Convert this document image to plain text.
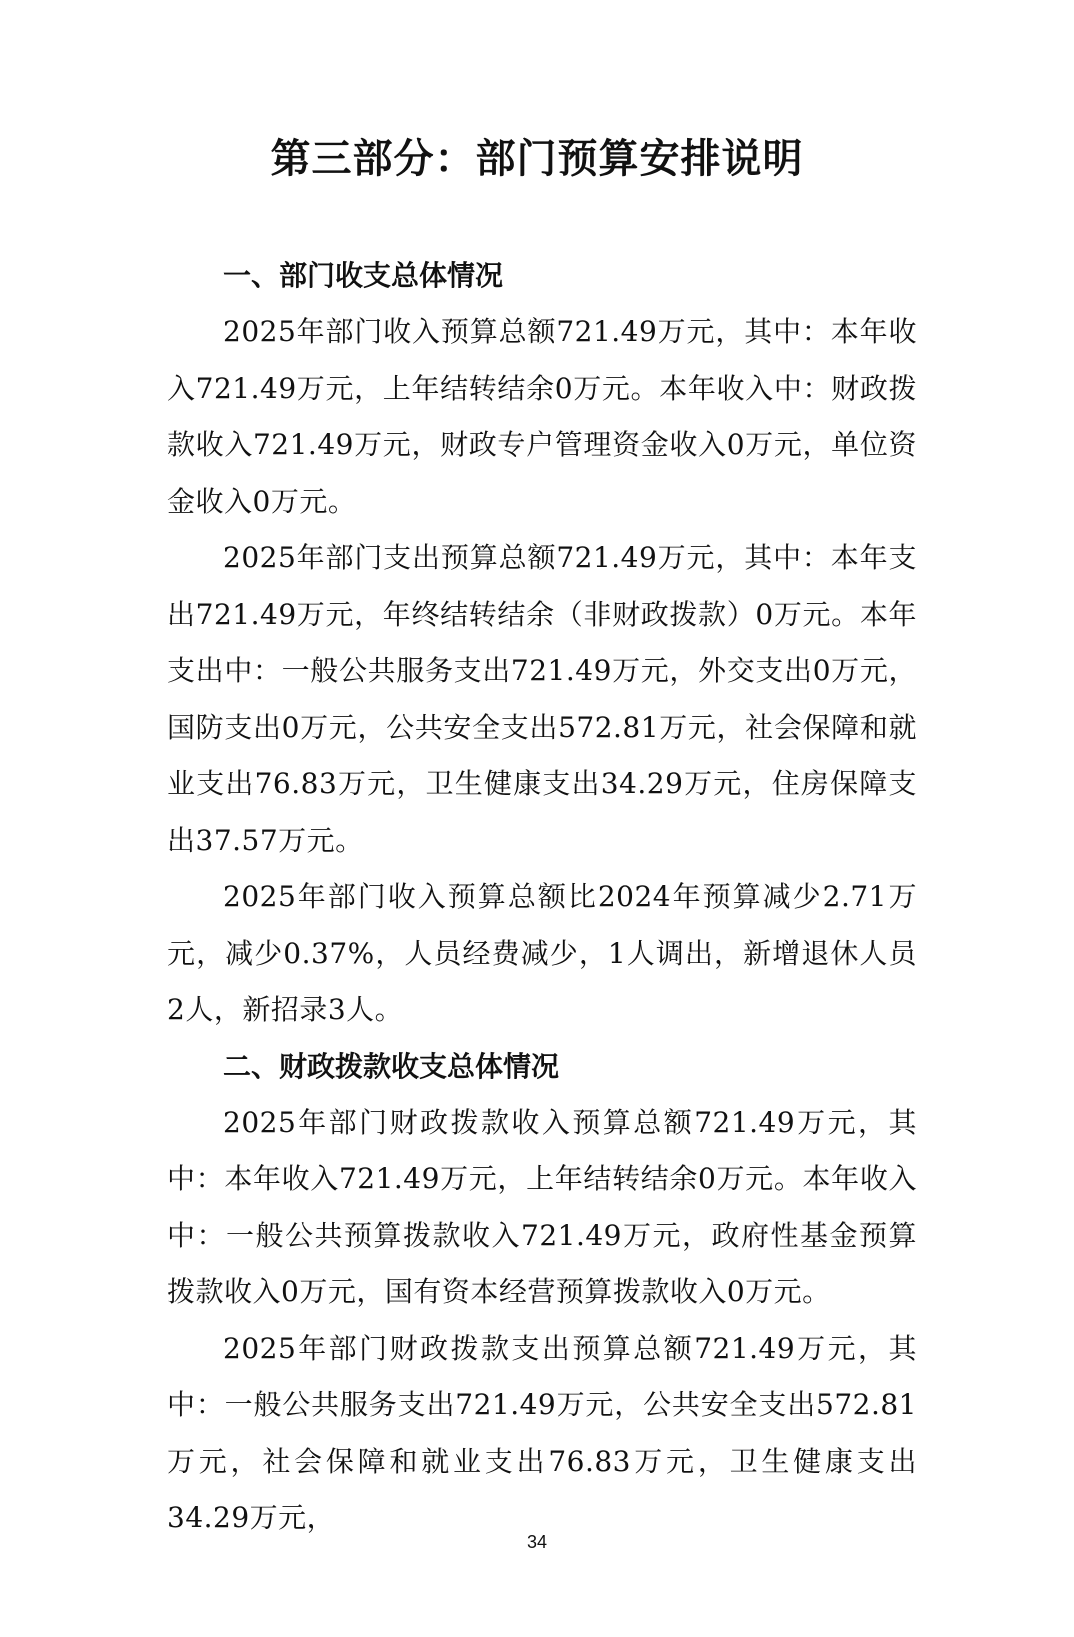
第三部分：部门预算安排说明

一、部门收支总体情况

2025年部门收入预算总额721.49万元，其中：本年收入721.49万元，上年结转结余0万元。本年收入中：财政拨款收入721.49万元，财政专户管理资金收入0万元，单位资金收入0万元。

2025年部门支出预算总额721.49万元，其中：本年支出721.49万元，年终结转结余（非财政拨款）0万元。本年支出中：一般公共服务支出721.49万元，外交支出0万元，国防支出0万元，公共安全支出572.81万元，社会保障和就业支出76.83万元，卫生健康支出34.29万元，住房保障支出37.57万元。

2025年部门收入预算总额比2024年预算减少2.71万元，减少0.37%，人员经费减少，1人调出，新增退休人员2人，新招录3人。

二、财政拨款收支总体情况

2025年部门财政拨款收入预算总额721.49万元，其中：本年收入721.49万元，上年结转结余0万元。本年收入中：一般公共预算拨款收入721.49万元，政府性基金预算拨款收入0万元，国有资本经营预算拨款收入0万元。

2025年部门财政拨款支出预算总额721.49万元，其中：一般公共服务支出721.49万元，公共安全支出572.81万元，社会保障和就业支出76.83万元，卫生健康支出34.29万元，

34
